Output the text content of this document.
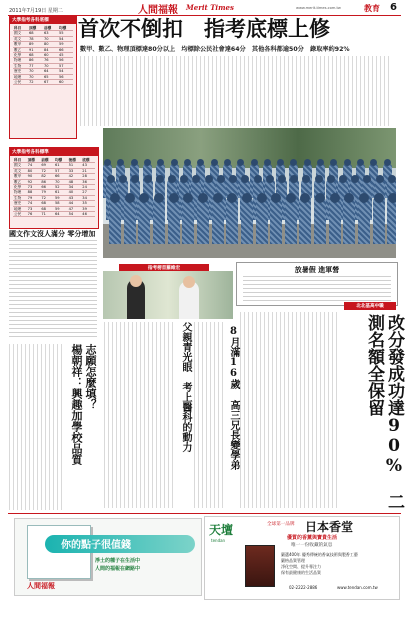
2011年7月19日 星期二	人間福報 Merit Times	www.merit-times.com.tw	教育 6
首次不倒扣　指考底標上修
數甲、數乙、物理頂標達80分以上　均標除公民社會達64分　其他各科都逾50分　錄取率約92%
大學指考各科底標
科目	頂標	前標	均標
國文	68	63	55
英文	78	70	54
數甲	89	80	59
數乙	91	84	66
化學	68	60	45
物理	86	76	56
生物	77	70	57
歷史	70	64	54
地理	70	65	56
公民	72	67	60
大學指考各科標準
科目	頂標	前標	均標	後標	底標
國文	74	69	61	51	43
英文	80	72	57	33	21
數甲	90	82	66	42	28
數乙	92	86	70	48	36
化學	73	66	52	34	24
物理	88	79	61	40	27
生物	79	72	59	43	34
歷史	74	68	58	44	35
地理	73	68	59	47	39
公民	76	71	64	54	46
國文作文沒人滿分 零分增加
志願怎麼填？
楊朝祥：興趣加學校品質
放暑假 進軍營
指考榜首羅維宏
父親青光眼　考上醫科的動力	8月滿16歲 高三兄長變學弟
北北基高中職
改分發成功達90%　二測名額全保留
你的點子很值錢
淨土的種子在生活中
人間的福報在網路中
人間福報
天壇
tendan
全球第一品牌 日本香堂
優質的香薰與寶貴生活
唯一一份收藏的氣息
嚴選400年 優秀傳統的香氣技術與製香工藝
嚴格品質管理
淨化空間、提升專注力
保有最健康的生活品質
02-2222-2886	www.tendan.com.tw
